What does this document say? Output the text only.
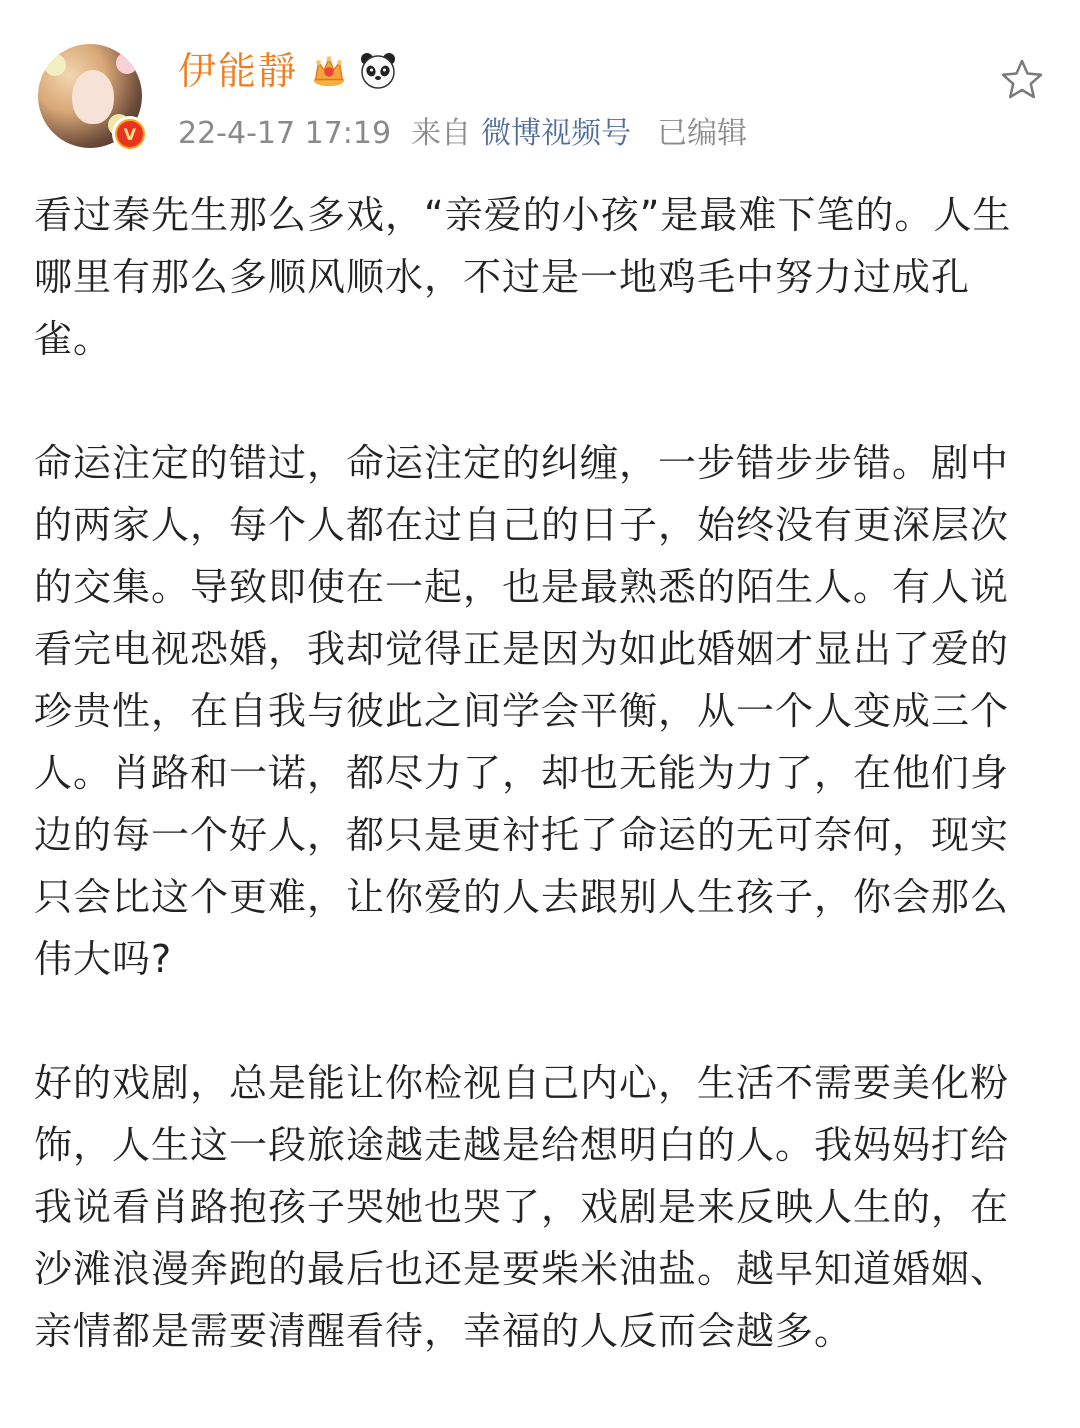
V
伊能靜
22-4-17 17:19 来自 微博视频号 已编辑

看过秦先生那么多戏，“亲爱的小孩”是最难下笔的。人生哪里有那么多顺风顺水，不过是一地鸡毛中努力过成孔雀。

命运注定的错过，命运注定的纠缠，一步错步步错。剧中的两家人，每个人都在过自己的日子，始终没有更深层次的交集。导致即使在一起，也是最熟悉的陌生人。有人说看完电视恐婚，我却觉得正是因为如此婚姻才显出了爱的珍贵性，在自我与彼此之间学会平衡，从一个人变成三个人。肖路和一诺，都尽力了，却也无能为力了，在他们身边的每一个好人，都只是更衬托了命运的无可奈何，现实只会比这个更难，让你爱的人去跟别人生孩子，你会那么伟大吗?

好的戏剧，总是能让你检视自己内心，生活不需要美化粉饰，人生这一段旅途越走越是给想明白的人。我妈妈打给我说看肖路抱孩子哭她也哭了，戏剧是来反映人生的，在沙滩浪漫奔跑的最后也还是要柴米油盐。越早知道婚姻、亲情都是需要清醒看待，幸福的人反而会越多。
